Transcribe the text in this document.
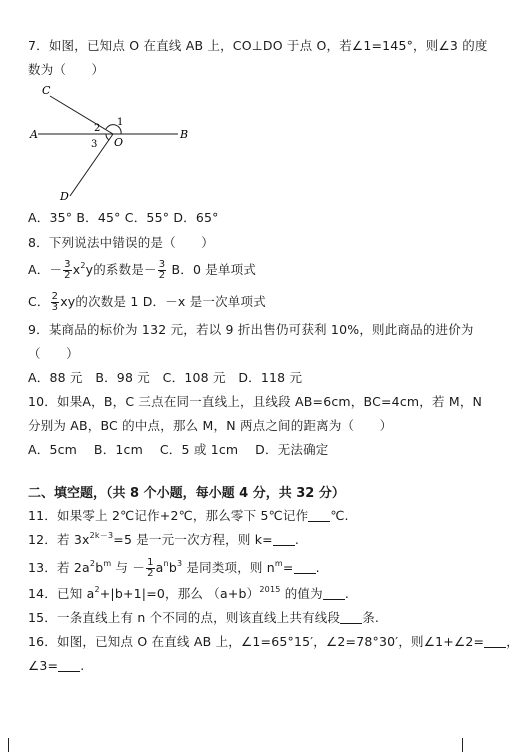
7．如图，已知点 O 在直线 AB 上，CO⊥DO 于点 O，若∠1=145°，则∠3 的度
数为（　　）
C
A	B
D
O
1
2
3
A．35° B．45° C．55° D．65°
8．下列说法中错误的是（　　）
A．－ $\frac{3}{2} x^2y$的系数是－ $\frac{3}{2}$ B．0 是单项式
C． $\frac{2}{3}$ xy的次数是 1 D．－x 是一次单项式
9．某商品的标价为 132 元，若以 9 折出售仍可获利 10%，则此商品的进价为
（　　）
A．88 元　B．98 元　C．108 元　D．118 元
10．如果A，B，C 三点在同一直线上，且线段 AB=6cm，BC=4cm，若 M，N
分别为 AB，BC 的中点，那么 M，N 两点之间的距离为（　　）
A．5cm　 B．1cm　 C．5 或 1cm　 D．无法确定
二、填空题，（共 8 个小题，每小题 4 分，共 32 分）
11．如果零上 2℃记作+2℃，那么零下 5℃记作 ℃.
12．若 $3x^{2k-3}=5$ 是一元一次方程，则 k= .
13．若 $2a^2b^m$ 与 － $\frac{1}{2} a^nb^3$ 是同类项，则 $n^m=$ .
14．已知 $a^2+|b+1|=0$，那么 $(a+b)^{2015}$ 的值为 .
15．一条直线上有 n 个不同的点，则该直线上共有线段 条.
16．如图，已知点 O 在直线 AB 上，∠1=65°15′，∠2=78°30′，则∠1+∠2= ，
∠3= .
